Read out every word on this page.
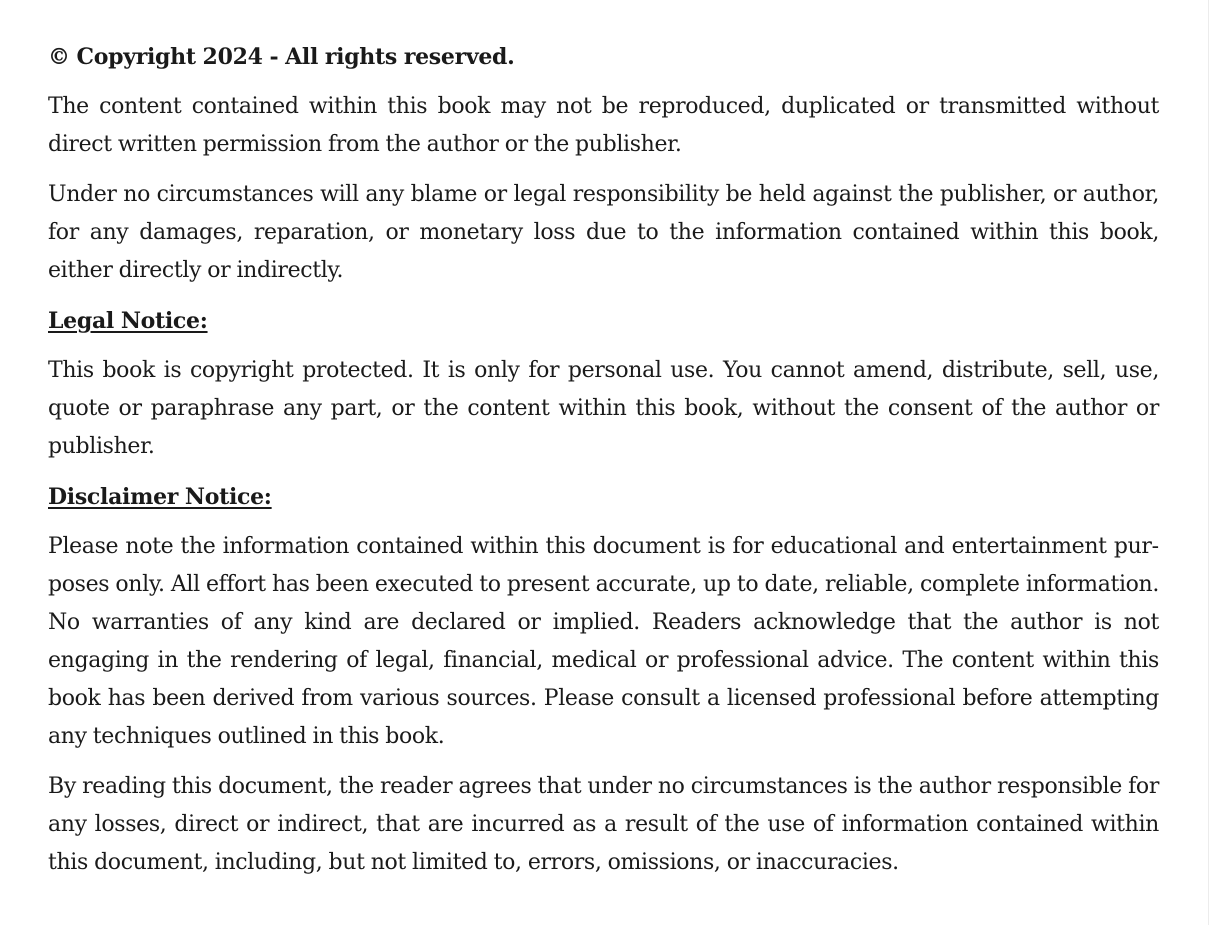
© Copyright 2024 - All rights reserved.

The content contained within this book may not be reproduced, duplicated or transmitted without direct written permission from the author or the publisher.

Under no circumstances will any blame or legal responsibility be held against the publisher, or author, for any damages, reparation, or monetary loss due to the information contained within this book, either directly or indirectly.

Legal Notice:

This book is copyright protected. It is only for personal use. You cannot amend, distribute, sell, use, quote or paraphrase any part, or the content within this book, without the consent of the author or publisher.

Disclaimer Notice:

Please note the information contained within this document is for educational and entertainment purposes only. All effort has been executed to present accurate, up to date, reliable, complete information. No warranties of any kind are declared or implied. Readers acknowledge that the author is not engaging in the rendering of legal, financial, medical or professional advice. The content within this book has been derived from various sources. Please consult a licensed professional before attempting any techniques outlined in this book.

By reading this document, the reader agrees that under no circumstances is the author responsible for any losses, direct or indirect, that are incurred as a result of the use of information contained within this document, including, but not limited to, errors, omissions, or inaccuracies.
